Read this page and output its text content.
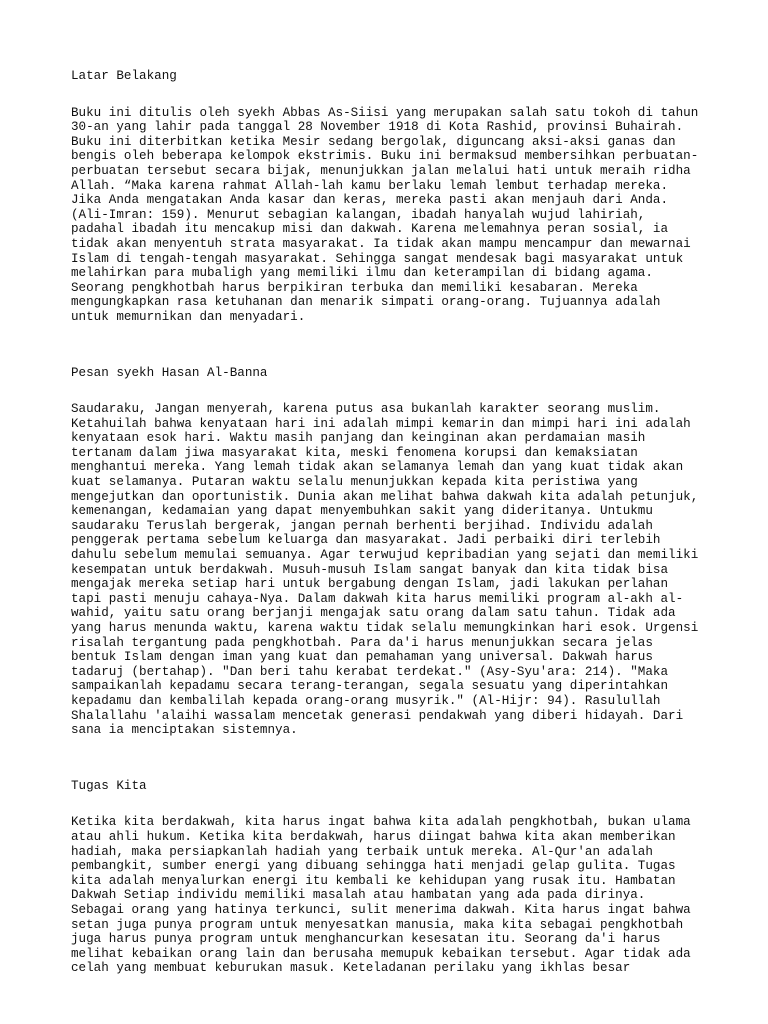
Latar Belakang
Buku ini ditulis oleh syekh Abbas As-Siisi yang merupakan salah satu tokoh di tahun
30-an yang lahir pada tanggal 28 November 1918 di Kota Rashid, provinsi Buhairah.
Buku ini diterbitkan ketika Mesir sedang bergolak, diguncang aksi-aksi ganas dan
bengis oleh beberapa kelompok ekstrimis. Buku ini bermaksud membersihkan perbuatan-
perbuatan tersebut secara bijak, menunjukkan jalan melalui hati untuk meraih ridha
Allah. “Maka karena rahmat Allah-lah kamu berlaku lemah lembut terhadap mereka.
Jika Anda mengatakan Anda kasar dan keras, mereka pasti akan menjauh dari Anda.
(Ali-Imran: 159). Menurut sebagian kalangan, ibadah hanyalah wujud lahiriah,
padahal ibadah itu mencakup misi dan dakwah. Karena melemahnya peran sosial, ia
tidak akan menyentuh strata masyarakat. Ia tidak akan mampu mencampur dan mewarnai
Islam di tengah-tengah masyarakat. Sehingga sangat mendesak bagi masyarakat untuk
melahirkan para mubaligh yang memiliki ilmu dan keterampilan di bidang agama.
Seorang pengkhotbah harus berpikiran terbuka dan memiliki kesabaran. Mereka
mengungkapkan rasa ketuhanan dan menarik simpati orang-orang. Tujuannya adalah
untuk memurnikan dan menyadari.
Pesan syekh Hasan Al-Banna
Saudaraku, Jangan menyerah, karena putus asa bukanlah karakter seorang muslim.
Ketahuilah bahwa kenyataan hari ini adalah mimpi kemarin dan mimpi hari ini adalah
kenyataan esok hari. Waktu masih panjang dan keinginan akan perdamaian masih
tertanam dalam jiwa masyarakat kita, meski fenomena korupsi dan kemaksiatan
menghantui mereka. Yang lemah tidak akan selamanya lemah dan yang kuat tidak akan
kuat selamanya. Putaran waktu selalu menunjukkan kepada kita peristiwa yang
mengejutkan dan oportunistik. Dunia akan melihat bahwa dakwah kita adalah petunjuk,
kemenangan, kedamaian yang dapat menyembuhkan sakit yang dideritanya. Untukmu
saudaraku Teruslah bergerak, jangan pernah berhenti berjihad. Individu adalah
penggerak pertama sebelum keluarga dan masyarakat. Jadi perbaiki diri terlebih
dahulu sebelum memulai semuanya. Agar terwujud kepribadian yang sejati dan memiliki
kesempatan untuk berdakwah. Musuh-musuh Islam sangat banyak dan kita tidak bisa
mengajak mereka setiap hari untuk bergabung dengan Islam, jadi lakukan perlahan
tapi pasti menuju cahaya-Nya. Dalam dakwah kita harus memiliki program al-akh al-
wahid, yaitu satu orang berjanji mengajak satu orang dalam satu tahun. Tidak ada
yang harus menunda waktu, karena waktu tidak selalu memungkinkan hari esok. Urgensi
risalah tergantung pada pengkhotbah. Para da'i harus menunjukkan secara jelas
bentuk Islam dengan iman yang kuat dan pemahaman yang universal. Dakwah harus
tadaruj (bertahap). "Dan beri tahu kerabat terdekat." (Asy-Syu'ara: 214). "Maka
sampaikanlah kepadamu secara terang-terangan, segala sesuatu yang diperintahkan
kepadamu dan kembalilah kepada orang-orang musyrik." (Al-Hijr: 94). Rasulullah
Shalallahu 'alaihi wassalam mencetak generasi pendakwah yang diberi hidayah. Dari
sana ia menciptakan sistemnya.
Tugas Kita
Ketika kita berdakwah, kita harus ingat bahwa kita adalah pengkhotbah, bukan ulama
atau ahli hukum. Ketika kita berdakwah, harus diingat bahwa kita akan memberikan
hadiah, maka persiapkanlah hadiah yang terbaik untuk mereka. Al-Qur'an adalah
pembangkit, sumber energi yang dibuang sehingga hati menjadi gelap gulita. Tugas
kita adalah menyalurkan energi itu kembali ke kehidupan yang rusak itu. Hambatan
Dakwah Setiap individu memiliki masalah atau hambatan yang ada pada dirinya.
Sebagai orang yang hatinya terkunci, sulit menerima dakwah. Kita harus ingat bahwa
setan juga punya program untuk menyesatkan manusia, maka kita sebagai pengkhotbah
juga harus punya program untuk menghancurkan kesesatan itu. Seorang da'i harus
melihat kebaikan orang lain dan berusaha memupuk kebaikan tersebut. Agar tidak ada
celah yang membuat keburukan masuk. Keteladanan perilaku yang ikhlas besar
